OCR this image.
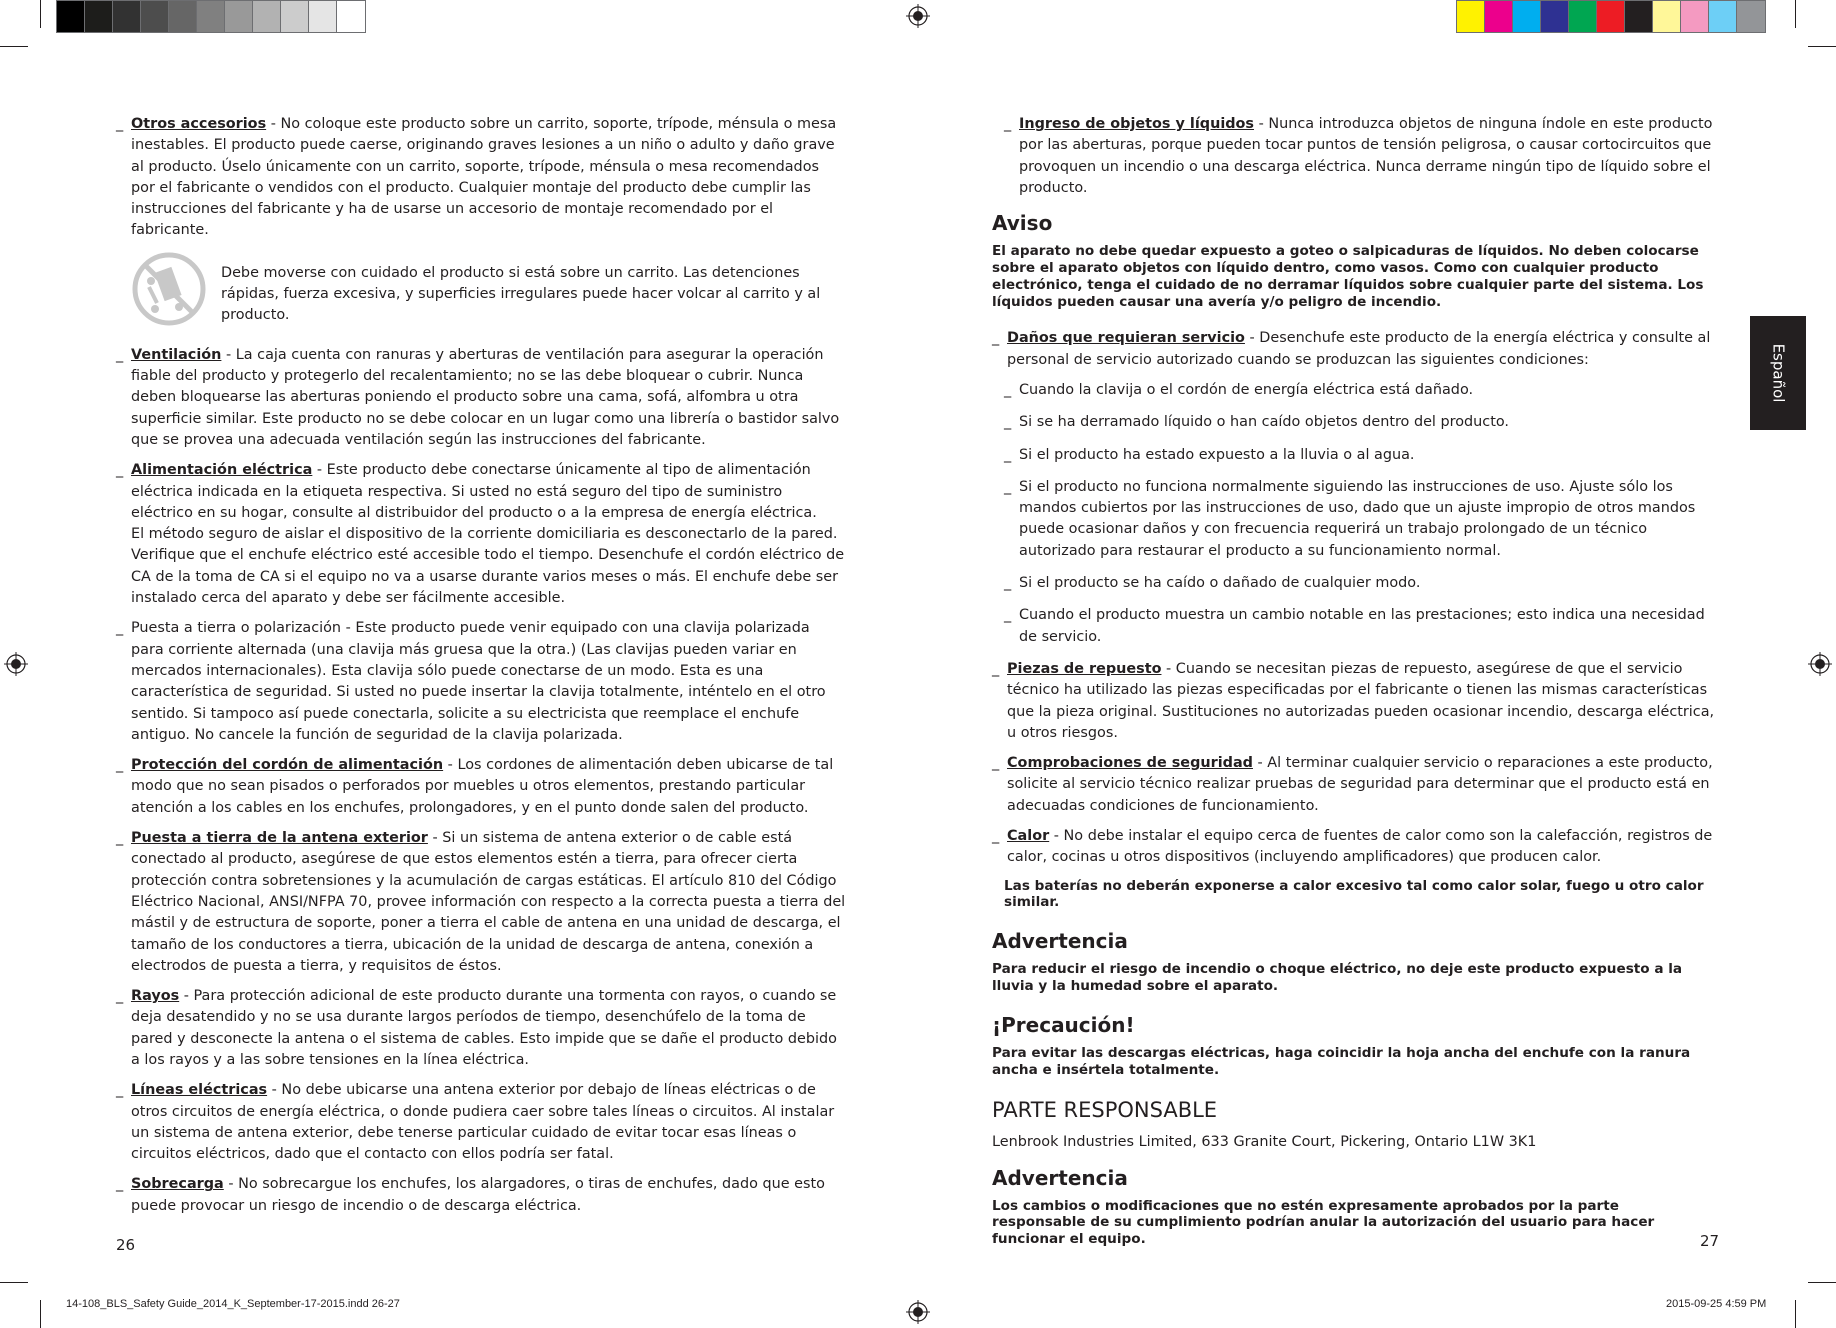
_ Otros accesorios - No coloque este producto sobre un carrito, soporte, trípode, ménsula o mesa inestables. El producto puede caerse, originando graves lesiones a un niño o adulto y daño grave al producto. Úselo únicamente con un carrito, soporte, trípode, ménsula o mesa recomendados por el fabricante o vendidos con el producto. Cualquier montaje del producto debe cumplir las instrucciones del fabricante y ha de usarse un accesorio de montaje recomendado por el fabricante.
Debe moverse con cuidado el producto si está sobre un carrito. Las detenciones rápidas, fuerza excesiva, y superficies irregulares puede hacer volcar al carrito y al producto.
_ Ventilación - La caja cuenta con ranuras y aberturas de ventilación para asegurar la operación fiable del producto y protegerlo del recalentamiento; no se las debe bloquear o cubrir. Nunca deben bloquearse las aberturas poniendo el producto sobre una cama, sofá, alfombra u otra superficie similar. Este producto no se debe colocar en un lugar como una librería o bastidor salvo que se provea una adecuada ventilación según las instrucciones del fabricante.
_ Alimentación eléctrica - Este producto debe conectarse únicamente al tipo de alimentación eléctrica indicada en la etiqueta respectiva. Si usted no está seguro del tipo de suministro eléctrico en su hogar, consulte al distribuidor del producto o a la empresa de energía eléctrica.
El método seguro de aislar el dispositivo de la corriente domiciliaria es desconectarlo de la pared. Verifique que el enchufe eléctrico esté accesible todo el tiempo. Desenchufe el cordón eléctrico de CA de la toma de CA si el equipo no va a usarse durante varios meses o más. El enchufe debe ser instalado cerca del aparato y debe ser fácilmente accesible.
_ Puesta a tierra o polarización - Este producto puede venir equipado con una clavija polarizada para corriente alternada (una clavija más gruesa que la otra.) (Las clavijas pueden variar en mercados internacionales). Esta clavija sólo puede conectarse de un modo. Esta es una característica de seguridad. Si usted no puede insertar la clavija totalmente, inténtelo en el otro sentido. Si tampoco así puede conectarla, solicite a su electricista que reemplace el enchufe antiguo. No cancele la función de seguridad de la clavija polarizada.
_ Protección del cordón de alimentación - Los cordones de alimentación deben ubicarse de tal modo que no sean pisados o perforados por muebles u otros elementos, prestando particular atención a los cables en los enchufes, prolongadores, y en el punto donde salen del producto.
_ Puesta a tierra de la antena exterior - Si un sistema de antena exterior o de cable está conectado al producto, asegúrese de que estos elementos estén a tierra, para ofrecer cierta protección contra sobretensiones y la acumulación de cargas estáticas. El artículo 810 del Código Eléctrico Nacional, ANSI/NFPA 70, provee información con respecto a la correcta puesta a tierra del mástil y de estructura de soporte, poner a tierra el cable de antena en una unidad de descarga, el tamaño de los conductores a tierra, ubicación de la unidad de descarga de antena, conexión a electrodos de puesta a tierra, y requisitos de éstos.
_ Rayos - Para protección adicional de este producto durante una tormenta con rayos, o cuando se deja desatendido y no se usa durante largos períodos de tiempo, desenchúfelo de la toma de pared y desconecte la antena o el sistema de cables. Esto impide que se dañe el producto debido a los rayos y a las sobre tensiones en la línea eléctrica.
_ Líneas eléctricas - No debe ubicarse una antena exterior por debajo de líneas eléctricas o de otros circuitos de energía eléctrica, o donde pudiera caer sobre tales líneas o circuitos. Al instalar un sistema de antena exterior, debe tenerse particular cuidado de evitar tocar esas líneas o circuitos eléctricos, dado que el contacto con ellos podría ser fatal.
_ Sobrecarga - No sobrecargue los enchufes, los alargadores, o tiras de enchufes, dado que esto puede provocar un riesgo de incendio o de descarga eléctrica.
26
_ Ingreso de objetos y líquidos - Nunca introduzca objetos de ninguna índole en este producto por las aberturas, porque pueden tocar puntos de tensión peligrosa, o causar cortocircuitos que provoquen un incendio o una descarga eléctrica. Nunca derrame ningún tipo de líquido sobre el producto.
Aviso

El aparato no debe quedar expuesto a goteo o salpicaduras de líquidos. No deben colocarse sobre el aparato objetos con líquido dentro, como vasos. Como con cualquier producto electrónico, tenga el cuidado de no derramar líquidos sobre cualquier parte del sistema. Los líquidos pueden causar una avería y/o peligro de incendio.

_ Daños que requieran servicio - Desenchufe este producto de la energía eléctrica y consulte al personal de servicio autorizado cuando se produzcan las siguientes condiciones:
_ Cuando la clavija o el cordón de energía eléctrica está dañado.
_ Si se ha derramado líquido o han caído objetos dentro del producto.
_ Si el producto ha estado expuesto a la lluvia o al agua.
_ Si el producto no funciona normalmente siguiendo las instrucciones de uso. Ajuste sólo los mandos cubiertos por las instrucciones de uso, dado que un ajuste impropio de otros mandos puede ocasionar daños y con frecuencia requerirá un trabajo prolongado de un técnico autorizado para restaurar el producto a su funcionamiento normal.
_ Si el producto se ha caído o dañado de cualquier modo.
_ Cuando el producto muestra un cambio notable en las prestaciones; esto indica una necesidad de servicio.
_ Piezas de repuesto - Cuando se necesitan piezas de repuesto, asegúrese de que el servicio técnico ha utilizado las piezas especificadas por el fabricante o tienen las mismas características que la pieza original. Sustituciones no autorizadas pueden ocasionar incendio, descarga eléctrica, u otros riesgos.
_ Comprobaciones de seguridad - Al terminar cualquier servicio o reparaciones a este producto, solicite al servicio técnico realizar pruebas de seguridad para determinar que el producto está en adecuadas condiciones de funcionamiento.
_ Calor - No debe instalar el equipo cerca de fuentes de calor como son la calefacción, registros de calor, cocinas u otros dispositivos (incluyendo amplificadores) que producen calor.

Las baterías no deberán exponerse a calor excesivo tal como calor solar, fuego u otro calor similar.

Advertencia

Para reducir el riesgo de incendio o choque eléctrico, no deje este producto expuesto a la lluvia y la humedad sobre el aparato.

¡Precaución!

Para evitar las descargas eléctricas, haga coincidir la hoja ancha del enchufe con la ranura ancha e insértela totalmente.

PARTE RESPONSABLE

Lenbrook Industries Limited, 633 Granite Court, Pickering, Ontario L1W 3K1

Advertencia

Los cambios o modificaciones que no estén expresamente aprobados por la parte responsable de su cumplimiento podrían anular la autorización del usuario para hacer funcionar el equipo.	27
Español
14-108_BLS_Safety Guide_2014_K_September-17-2015.indd 26-27	2015-09-25 4:59 PM
